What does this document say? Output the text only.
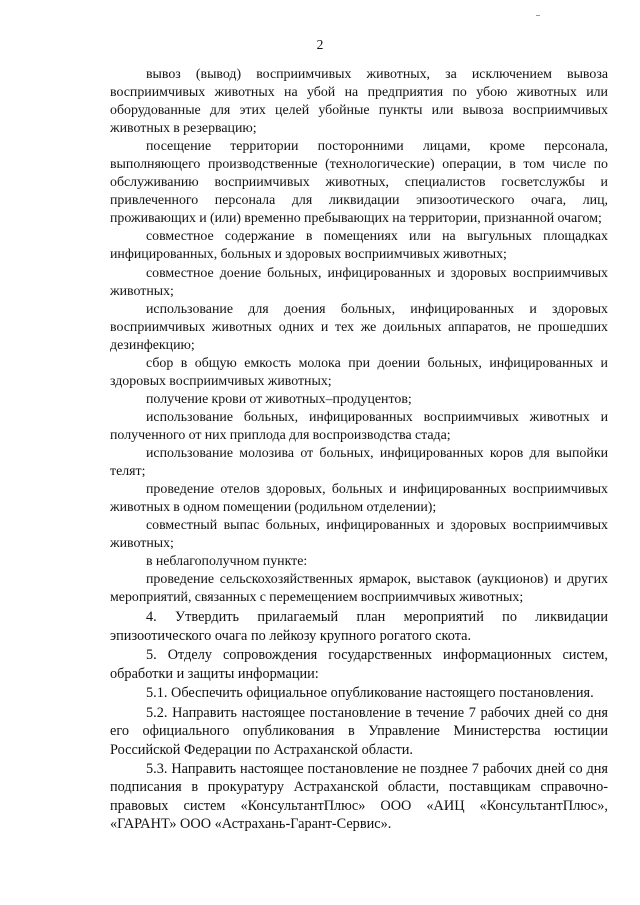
2

вывоз (вывод) восприимчивых животных, за исключением вывоза восприимчивых животных на убой на предприятия по убою животных или оборудованные для этих целей убойные пункты или вывоза восприимчивых животных в резервацию;

посещение территории посторонними лицами, кроме персонала, выполняющего производственные (технологические) операции, в том числе по обслуживанию восприимчивых животных, специалистов госветслужбы и привлеченного персонала для ликвидации эпизоотического очага, лиц, проживающих и (или) временно пребывающих на территории, признанной очагом;

совместное содержание в помещениях или на выгульных площадках инфицированных, больных и здоровых восприимчивых животных;

совместное доение больных, инфицированных и здоровых восприимчивых животных;

использование для доения больных, инфицированных и здоровых восприимчивых животных одних и тех же доильных аппаратов, не прошедших дезинфекцию;

сбор в общую емкость молока при доении больных, инфицированных и здоровых восприимчивых животных;

получение крови от животных–продуцентов;

использование больных, инфицированных восприимчивых животных и полученного от них приплода для воспроизводства стада;

использование молозива от больных, инфицированных коров для выпойки телят;

проведение отелов здоровых, больных и инфицированных восприимчивых животных в одном помещении (родильном отделении);

совместный выпас больных, инфицированных и здоровых восприимчивых животных;

в неблагополучном пункте:

проведение сельскохозяйственных ярмарок, выставок (аукционов) и других мероприятий, связанных с перемещением восприимчивых животных;

4. Утвердить прилагаемый план мероприятий по ликвидации эпизоотического очага по лейкозу крупного рогатого скота.

5. Отделу сопровождения государственных информационных систем, обработки и защиты информации:

5.1. Обеспечить официальное опубликование настоящего постановления.

5.2. Направить настоящее постановление в течение 7 рабочих дней со дня его официального опубликования в Управление Министерства юстиции Российской Федерации по Астраханской области.

5.3. Направить настоящее постановление не позднее 7 рабочих дней со дня подписания в прокуратуру Астраханской области, поставщикам справочно-правовых систем «КонсультантПлюс» ООО «АИЦ «КонсультантПлюс», «ГАРАНТ» ООО «Астрахань-Гарант-Сервис».
